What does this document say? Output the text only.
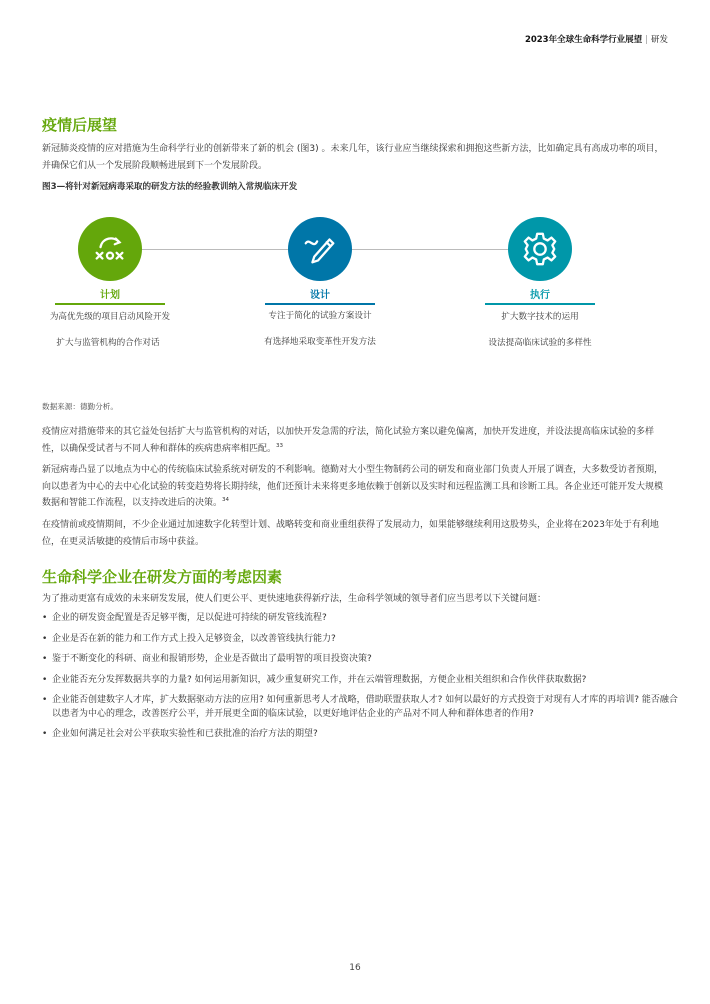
2023年全球生命科学行业展望 | 研发
疫情后展望

新冠肺炎疫情的应对措施为生命科学行业的创新带来了新的机会 (图3) 。未来几年，该行业应当继续探索和拥抱这些新方法，比如确定具有高成功率的项目，并确保它们从一个发展阶段顺畅进展到下一个发展阶段。

图3—将针对新冠病毒采取的研发方法的经验教训纳入常规临床开发

计划	设计	执行
为高优先级的项目启动风险开发
扩大与监管机构的合作对话
专注于简化的试验方案设计
有选择地采取变革性开发方法
扩大数字技术的运用
设法提高临床试验的多样性
数据来源：德勤分析。

疫情应对措施带来的其它益处包括扩大与监管机构的对话，以加快开发急需的疗法，简化试验方案以避免偏离，加快开发进度，并设法提高临床试验的多样性，以确保受试者与不同人种和群体的疾病患病率相匹配。$^{33}$

新冠病毒凸显了以地点为中心的传统临床试验系统对研发的不利影响。德勤对大小型生物制药公司的研发和商业部门负责人开展了调查，大多数受访者预期，向以患者为中心的去中心化试验的转变趋势将长期持续，他们还预计未来将更多地依赖于创新以及实时和远程监测工具和诊断工具。各企业还可能开发大规模数据和智能工作流程，以支持改进后的决策。$^{34}$

在疫情前或疫情期间，不少企业通过加速数字化转型计划、战略转变和商业重组获得了发展动力，如果能够继续利用这股势头，企业将在2023年处于有利地位，在更灵活敏捷的疫情后市场中获益。

生命科学企业在研发方面的考虑因素

为了推动更富有成效的未来研发发展，使人们更公平、更快速地获得新疗法，生命科学领域的领导者们应当思考以下关键问题：

• 企业的研发资金配置是否足够平衡，足以促进可持续的研发管线流程?
• 企业是否在新的能力和工作方式上投入足够资金，以改善管线执行能力?
• 鉴于不断变化的科研、商业和报销形势，企业是否做出了最明智的项目投资决策?
• 企业能否充分发挥数据共享的力量? 如何运用新知识，减少重复研究工作，并在云端管理数据，方便企业相关组织和合作伙伴获取数据?
• 企业能否创建数字人才库，扩大数据驱动方法的应用? 如何重新思考人才战略，借助联盟获取人才? 如何以最好的方式投资于对现有人才库的再培训? 能否融合以患者为中心的理念，改善医疗公平，并开展更全面的临床试验，以更好地评估企业的产品对不同人种和群体患者的作用?
• 企业如何满足社会对公平获取实验性和已获批准的治疗方法的期望?
16
